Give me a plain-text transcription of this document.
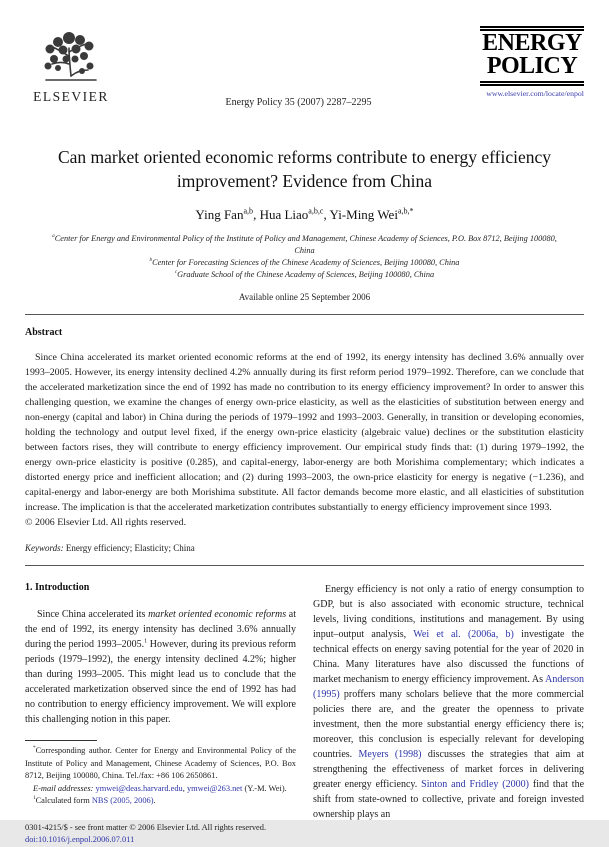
ELSEVIER	Energy Policy 35 (2007) 2287–2295
ENERGY
POLICY
www.elsevier.com/locate/enpol
Can market oriented economic reforms contribute to energy efficiency improvement? Evidence from China
Ying Fan$^{a,b}$, Hua Liao$^{a,b,c}$, Yi-Ming Wei$^{a,b,*}$
$^a$Center for Energy and Environmental Policy of the Institute of Policy and Management, Chinese Academy of Sciences, P.O. Box 8712, Beijing 100080, China
$^b$Center for Forecasting Sciences of the Chinese Academy of Sciences, Beijing 100080, China
$^c$Graduate School of the Chinese Academy of Sciences, Beijing 100080, China
Available online 25 September 2006
Abstract

Since China accelerated its market oriented economic reforms at the end of 1992, its energy intensity has declined 3.6% annually over 1993–2005. However, its energy intensity declined 4.2% annually during its first reform period 1979–1992. Therefore, can we conclude that the accelerated marketization since the end of 1992 has made no contribution to its energy efficiency improvement? In order to answer this challenging question, we examine the changes of energy own-price elasticity, as well as the elasticities of substitution between energy and non-energy (capital and labor) in China during the periods of 1979–1992 and 1993–2003. Generally, in transition or developing economies, holding the technology and output level fixed, if the energy own-price elasticity (algebraic value) declines or the substitution elasticity between factors rises, they will contribute to energy efficiency improvement. Our empirical study finds that: (1) during 1979–1992, the energy own-price elasticity is positive (0.285), and capital-energy, labor-energy are both Morishima complementary; which indicates a distorted energy price and inefficient allocation; and (2) during 1993–2003, the own-price elasticity for energy is negative (−1.236), and capital-energy and labor-energy are both Morishima substitute. All factor demands become more elastic, and all elasticities of substitution increase. The implication is that the accelerated marketization contributes substantially to energy efficiency improvement since 1993.

© 2006 Elsevier Ltd. All rights reserved.

Keywords: Energy efficiency; Elasticity; China

1. Introduction

Since China accelerated its market oriented economic reforms at the end of 1992, its energy intensity has declined 3.6% annually during the period 1993–2005.$^1$ However, during its previous reform periods (1979–1992), the energy intensity declined 4.2%; higher than during 1993–2005. This might lead us to conclude that the accelerated marketization observed since the end of 1992 has had no contribution to energy efficiency improvement. We will explore this challenging notion in this paper.

*Corresponding author. Center for Energy and Environmental Policy of the Institute of Policy and Management, Chinese Academy of Sciences, P.O. Box 8712, Beijing 100080, China. Tel./fax: +86 106 2650861.

E-mail addresses: ymwei@deas.harvard.edu, ymwei@263.net (Y.-M. Wei).

$^1$Calculated form NBS (2005, 2006).

0301-4215/$ - see front matter © 2006 Elsevier Ltd. All rights reserved.

doi:10.1016/j.enpol.2006.07.011

Energy efficiency is not only a ratio of energy consumption to GDP, but is also associated with economic structure, technical levels, living conditions, institutions and management. By using input–output analysis, Wei et al. (2006a, b) investigate the technical effects on energy saving potential for the year of 2020 in China. Many literatures have also discussed the functions of market mechanism to energy efficiency improvement. As Anderson (1995) proffers many scholars believe that the more commercial policies there are, and the greater the openness to private investment, then the more substantial energy efficiency there is; moreover, this conclusion is especially relevant for developing countries. Meyers (1998) discusses the strategies that aim at strengthening the effectiveness of market forces in delivering greater energy efficiency. Sinton and Fridley (2000) find that the shift from state-owned to collective, private and foreign invested ownership plays an
